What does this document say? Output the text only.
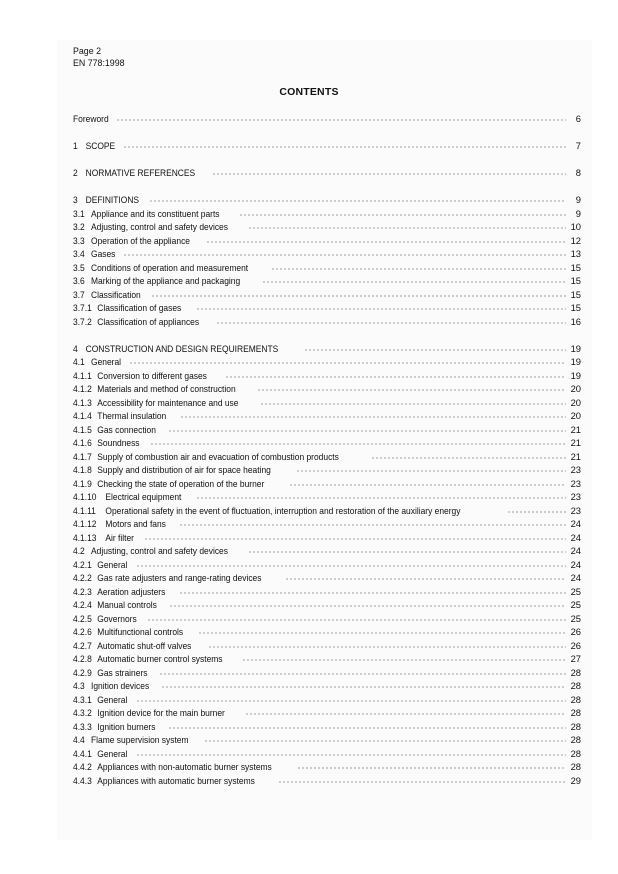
Page 2
EN 778:1998
CONTENTS
Foreword	6
1 SCOPE	7
2 NORMATIVE REFERENCES	8
3 DEFINITIONS	9
3.1 Appliance and its constituent parts	9
3.2 Adjusting, control and safety devices	10
3.3 Operation of the appliance	12
3.4 Gases	13
3.5 Conditions of operation and measurement	15
3.6 Marking of the appliance and packaging	15
3.7 Classification	15
3.7.1 Classification of gases	15
3.7.2 Classification of appliances	16
4 CONSTRUCTION AND DESIGN REQUIREMENTS	19
4.1 General	19
4.1.1 Conversion to different gases	19
4.1.2 Materials and method of construction	20
4.1.3 Accessibility for maintenance and use	20
4.1.4 Thermal insulation	20
4.1.5 Gas connection	21
4.1.6 Soundness	21
4.1.7 Supply of combustion air and evacuation of combustion products	21
4.1.8 Supply and distribution of air for space heating	23
4.1.9 Checking the state of operation of the burner	23
4.1.10 Electrical equipment	23
4.1.11 Operational safety in the event of fluctuation, interruption and restoration of the auxiliary energy	23
4.1.12 Motors and fans	24
4.1.13 Air filter	24
4.2 Adjusting, control and safety devices	24
4.2.1 General	24
4.2.2 Gas rate adjusters and range-rating devices	24
4.2.3 Aeration adjusters	25
4.2.4 Manual controls	25
4.2.5 Governors	25
4.2.6 Multifunctional controls	26
4.2.7 Automatic shut-off valves	26
4.2.8 Automatic burner control systems	27
4.2.9 Gas strainers	28
4.3 Ignition devices	28
4.3.1 General	28
4.3.2 Ignition device for the main burner	28
4.3.3 Ignition burners	28
4.4 Flame supervision system	28
4.4.1 General	28
4.4.2 Appliances with non-automatic burner systems	28
4.4.3 Appliances with automatic burner systems	29
